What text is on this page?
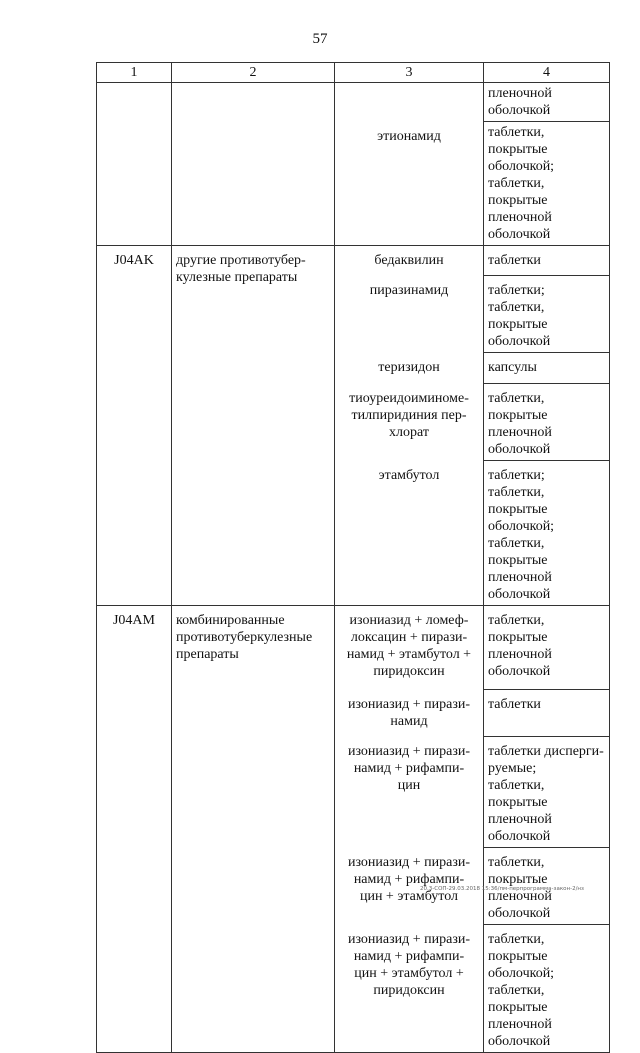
57
1	2	3	4

			пленочной оболочкой

		этионамид	таблетки, покрытые
оболочкой;
таблетки, покрытые
пленочной оболочкой

J04AK	другие противотубер-
кулезные препараты	бедаквилин	таблетки

		пиразинамид	таблетки;
таблетки, покрытые
оболочкой

		теризидон	капсулы

		тиоуреидоиминоме-
тилпиридиния пер-
хлорат	таблетки, покрытые
пленочной оболочкой

		этамбутол	таблетки;
таблетки, покрытые
оболочкой;
таблетки, покрытые
пленочной оболочкой

J04AM	комбинированные
противотуберкулезные
препараты	изониазид + ломеф-
локсацин + пирази-
намид + этамбутол +
пиридоксин	таблетки, покрытые
пленочной оболочкой

		изониазид + пирази-
намид	таблетки

		изониазид + пирази-
намид + рифампи-
цин	таблетки дисперги-
руемые;
таблетки, покрытые
пленочной оболочкой

		изониазид + пирази-
намид + рифампи-
цин + этамбутол	таблетки, покрытые
пленочной оболочкой

		изониазид + пирази-
намид + рифампи-
цин + этамбутол +
пиридоксин	таблетки, покрытые
оболочкой;
таблетки, покрытые
пленочной оболочкой
20.3-СОП-29.03.2018 15:36/пм-перпрограмма-закон-2/нз
